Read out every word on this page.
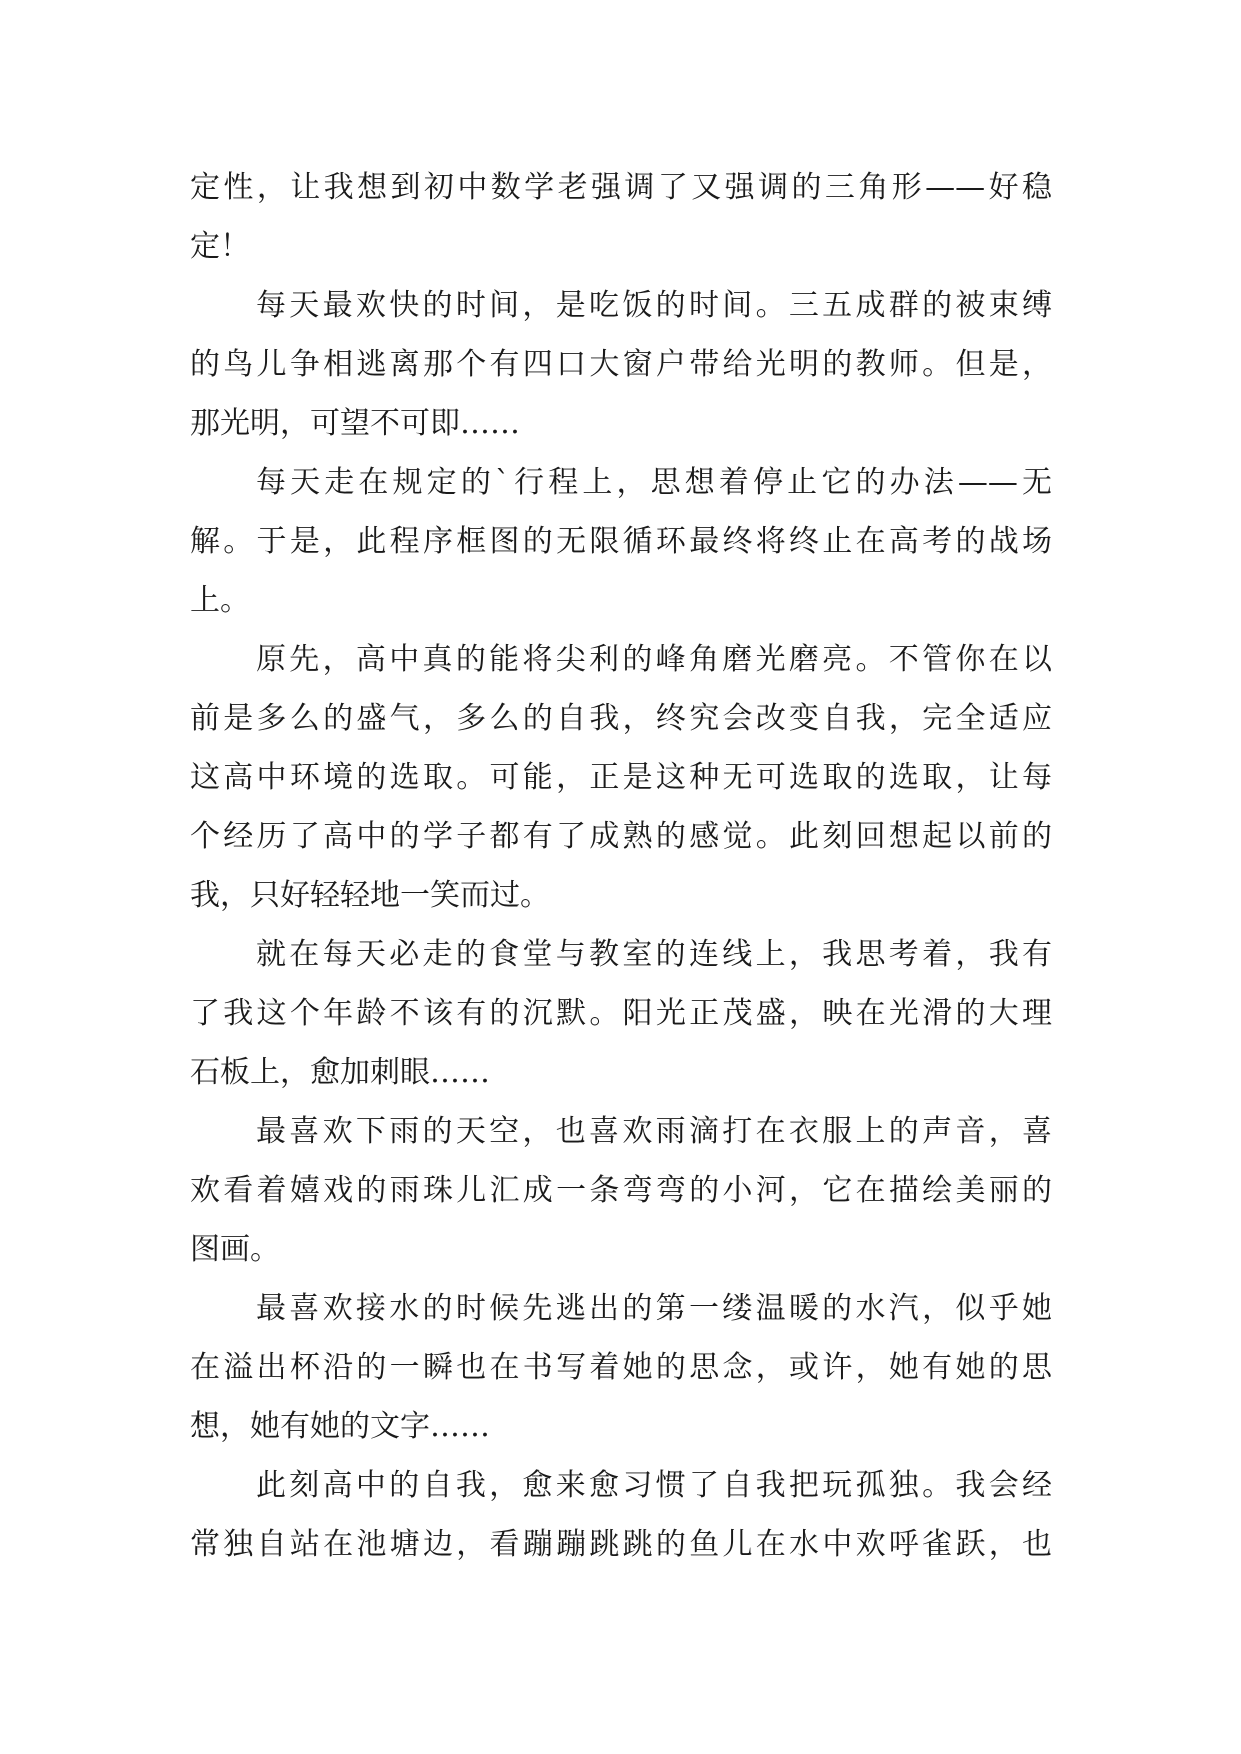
定性，让我想到初中数学老强调了又强调的三角形——好稳
定！
每天最欢快的时间，是吃饭的时间。三五成群的被束缚
的鸟儿争相逃离那个有四口大窗户带给光明的教师。但是，
那光明，可望不可即……
每天走在规定的`行程上，思想着停止它的办法——无
解。于是，此程序框图的无限循环最终将终止在高考的战场
上。
原先，高中真的能将尖利的峰角磨光磨亮。不管你在以
前是多么的盛气，多么的自我，终究会改变自我，完全适应
这高中环境的选取。可能，正是这种无可选取的选取，让每
个经历了高中的学子都有了成熟的感觉。此刻回想起以前的
我，只好轻轻地一笑而过。
就在每天必走的食堂与教室的连线上，我思考着，我有
了我这个年龄不该有的沉默。阳光正茂盛，映在光滑的大理
石板上，愈加刺眼……
最喜欢下雨的天空，也喜欢雨滴打在衣服上的声音，喜
欢看着嬉戏的雨珠儿汇成一条弯弯的小河，它在描绘美丽的
图画。
最喜欢接水的时候先逃出的第一缕温暖的水汽，似乎她
在溢出杯沿的一瞬也在书写着她的思念，或许，她有她的思
想，她有她的文字……
此刻高中的自我，愈来愈习惯了自我把玩孤独。我会经
常独自站在池塘边，看蹦蹦跳跳的鱼儿在水中欢呼雀跃，也
